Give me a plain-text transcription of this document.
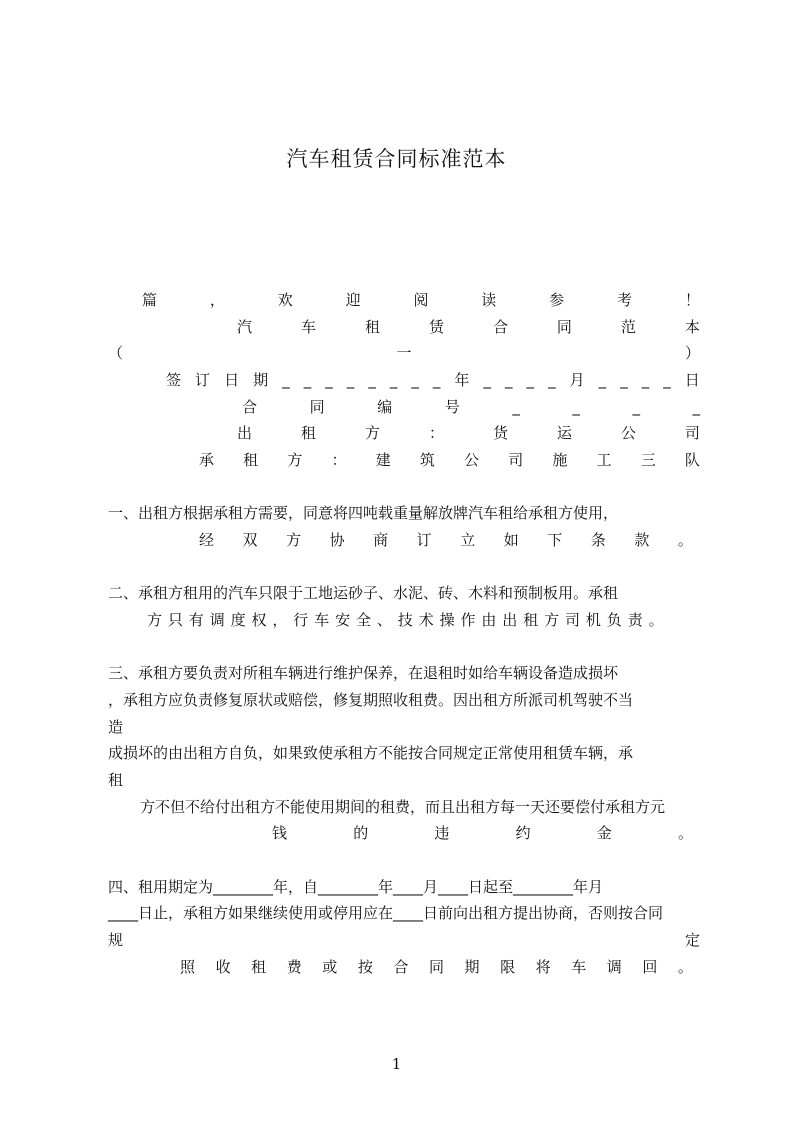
汽车租赁合同标准范本
篇	，	欢	迎	阅	读	参	考	！
汽	车	租	赁	合	同	范	本
（	一	）
签 订 日 期 _ _ _ _ _ _ _ _ 年 _ _ _ _ 月 _ _ _ _ 日
合	同	编	号	_	_	_	_
出	租	方	：	货	运	公	司
承 租 方 ： 建 筑 公 司 施 工 三 队
一、出租方根据承租方需要，同意将四吨载重量解放牌汽车租给承租方使用，
经 双 方 协 商 订 立 如 下 条 款 。
二、承租方租用的汽车只限于工地运砂子、水泥、砖、木料和预制板用。承租
方只有调度权，行车安全、技术操作由出租方司机负责。
三、承租方要负责对所租车辆进行维护保养，在退租时如给车辆设备造成损坏
，承租方应负责修复原状或赔偿，修复期照收租费。因出租方所派司机驾驶不当
造
成损坏的由出租方自负，如果致使承租方不能按合同规定正常使用租赁车辆，承
租
方不但不给付出租方不能使用期间的租费，而且出租方每一天还要偿付承租方元
钱	的	违	约	金	。
四、租用期定为________年，自________年____月____日起至________年月
____日止，承租方如果继续使用或停用应在____日前向出租方提出协商，否则按合同
规	定
照 收 租 费 或 按 合 同 期 限 将 车 调 回 。
1
